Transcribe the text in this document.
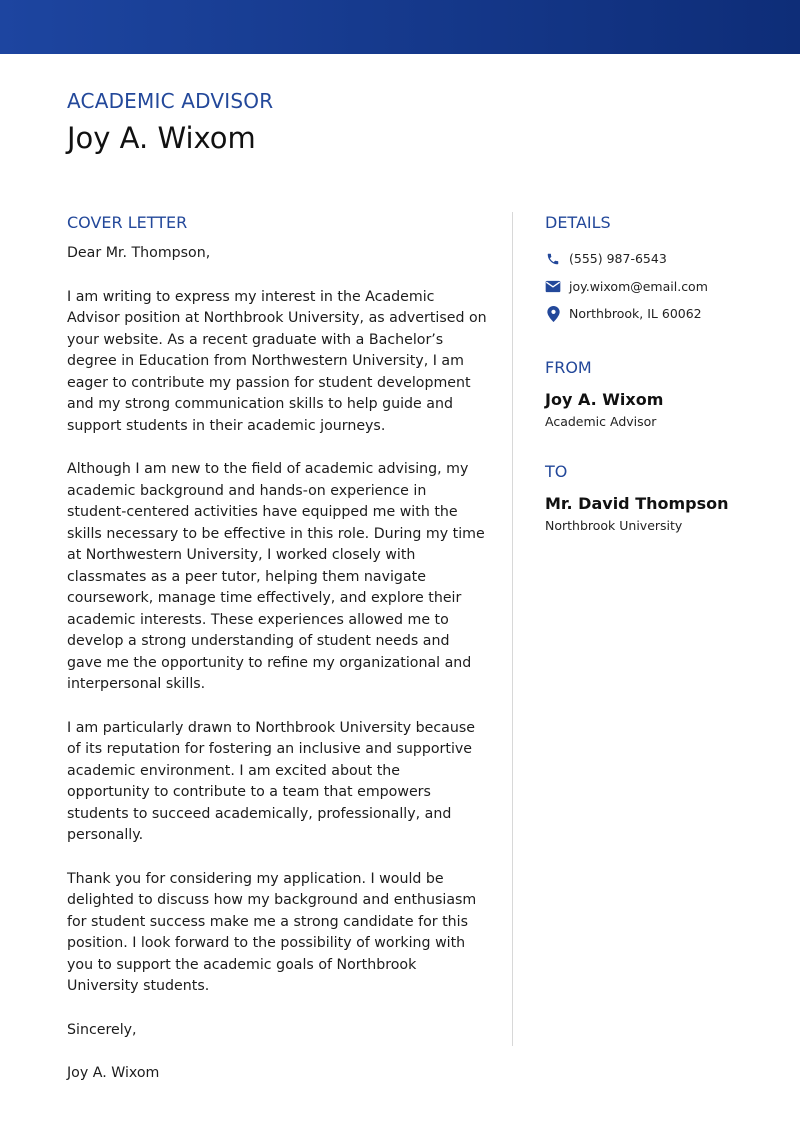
ACADEMIC ADVISOR
Joy A. Wixom
COVER LETTER

Dear Mr. Thompson,

I am writing to express my interest in the Academic Advisor position at Northbrook University, as advertised on your website. As a recent graduate with a Bachelor’s degree in Education from Northwestern University, I am eager to contribute my passion for student development and my strong communication skills to help guide and support students in their academic journeys.

Although I am new to the field of academic advising, my academic background and hands-on experience in student-centered activities have equipped me with the skills necessary to be effective in this role. During my time at Northwestern University, I worked closely with classmates as a peer tutor, helping them navigate coursework, manage time effectively, and explore their academic interests. These experiences allowed me to develop a strong understanding of student needs and gave me the opportunity to refine my organizational and interpersonal skills.

I am particularly drawn to Northbrook University because of its reputation for fostering an inclusive and supportive academic environment. I am excited about the opportunity to contribute to a team that empowers students to succeed academically, professionally, and personally.

Thank you for considering my application. I would be delighted to discuss how my background and enthusiasm for student success make me a strong candidate for this position. I look forward to the possibility of working with you to support the academic goals of Northbrook University students.

Sincerely,

Joy A. Wixom

DETAILS
(555) 987-6543
joy.wixom@email.com
Northbrook, IL 60062
FROM
Joy A. Wixom
Academic Advisor
TO
Mr. David Thompson
Northbrook University
